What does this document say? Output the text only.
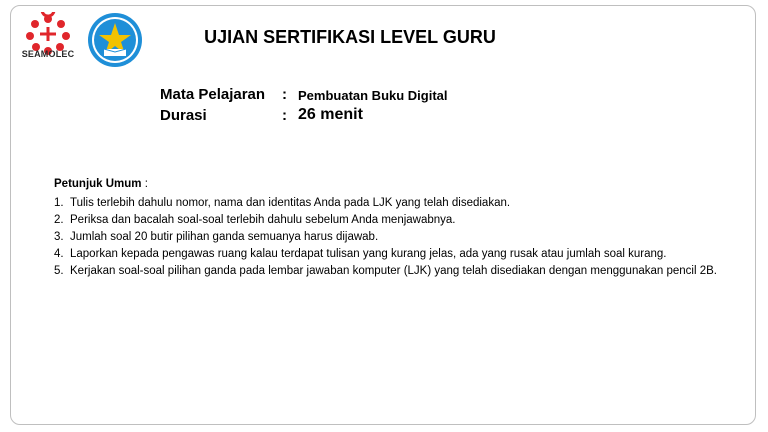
SEAMOLEC
UJIAN SERTIFIKASI LEVEL GURU
Mata Pelajaran : Pembuatan Buku Digital
Durasi	: 26 menit
Petunjuk Umum :
1. Tulis terlebih dahulu nomor, nama dan identitas Anda pada LJK yang telah disediakan.
2. Periksa dan bacalah soal-soal terlebih dahulu sebelum Anda menjawabnya.
3. Jumlah soal 20 butir pilihan ganda semuanya harus dijawab.
4. Laporkan kepada pengawas ruang kalau terdapat tulisan yang kurang jelas, ada yang rusak atau jumlah soal kurang.
5. Kerjakan soal-soal pilihan ganda pada lembar jawaban komputer (LJK) yang telah disediakan dengan menggunakan pencil 2B.
